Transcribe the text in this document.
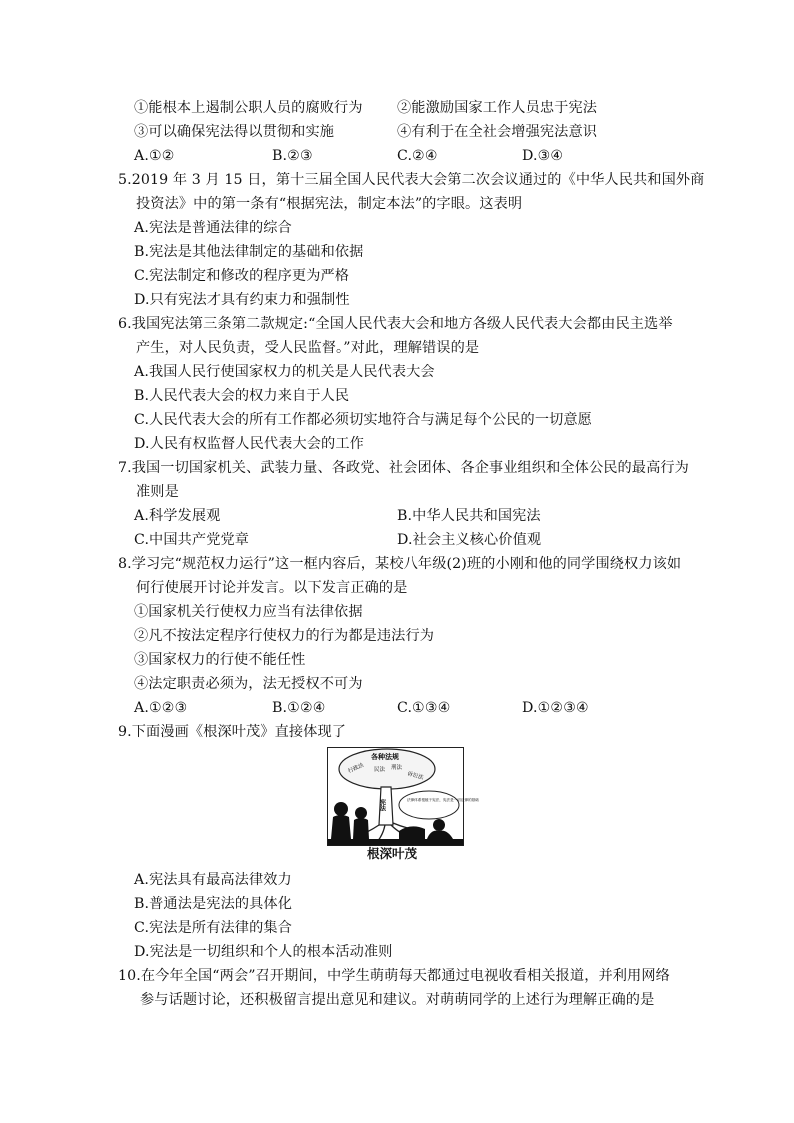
①能根本上遏制公职人员的腐败行为 ②能激励国家工作人员忠于宪法
③可以确保宪法得以贯彻和实施	④有利于在全社会增强宪法意识
A.①②	B.②③	C.②④	D.③④
5.2019 年 3 月 15 日，第十三届全国人民代表大会第二次会议通过的《中华人民共和国外商
投资法》中的第一条有“根据宪法，制定本法”的字眼。这表明
A.宪法是普通法律的综合
B.宪法是其他法律制定的基础和依据
C.宪法制定和修改的程序更为严格
D.只有宪法才具有约束力和强制性
6.我国宪法第三条第二款规定:“全国人民代表大会和地方各级人民代表大会都由民主选举
产生，对人民负责，受人民监督。”对此，理解错误的是
A.我国人民行使国家权力的机关是人民代表大会
B.人民代表大会的权力来自于人民
C.人民代表大会的所有工作都必须切实地符合与满足每个公民的一切意愿
D.人民有权监督人民代表大会的工作
7.我国一切国家机关、武装力量、各政党、社会团体、各企事业组织和全体公民的最高行为
准则是
A.科学发展观	B.中华人民共和国宪法
C.中国共产党党章	D.社会主义核心价值观
8.学习完“规范权力运行”这一框内容后，某校八年级(2)班的小刚和他的同学围绕权力该如
何行使展开讨论并发言。以下发言正确的是
①国家机关行使权力应当有法律依据
②凡不按法定程序行使权力的行为都是违法行为
③国家权力的行使不能任性
④法定职责必须为，法无授权不可为
A.①②③	B.①②④	C.①③④	D.①②③④
9.下面漫画《根深叶茂》直接体现了
各种法规
行政法 民法 刑法
诉讼法
宪法	法律体系根植于宪法，宪法是一切法律的基础
根深叶茂
A.宪法具有最高法律效力
B.普通法是宪法的具体化
C.宪法是所有法律的集合
D.宪法是一切组织和个人的根本活动准则
10.在今年全国“两会”召开期间，中学生萌萌每天都通过电视收看相关报道，并利用网络
参与话题讨论，还积极留言提出意见和建议。对萌萌同学的上述行为理解正确的是
